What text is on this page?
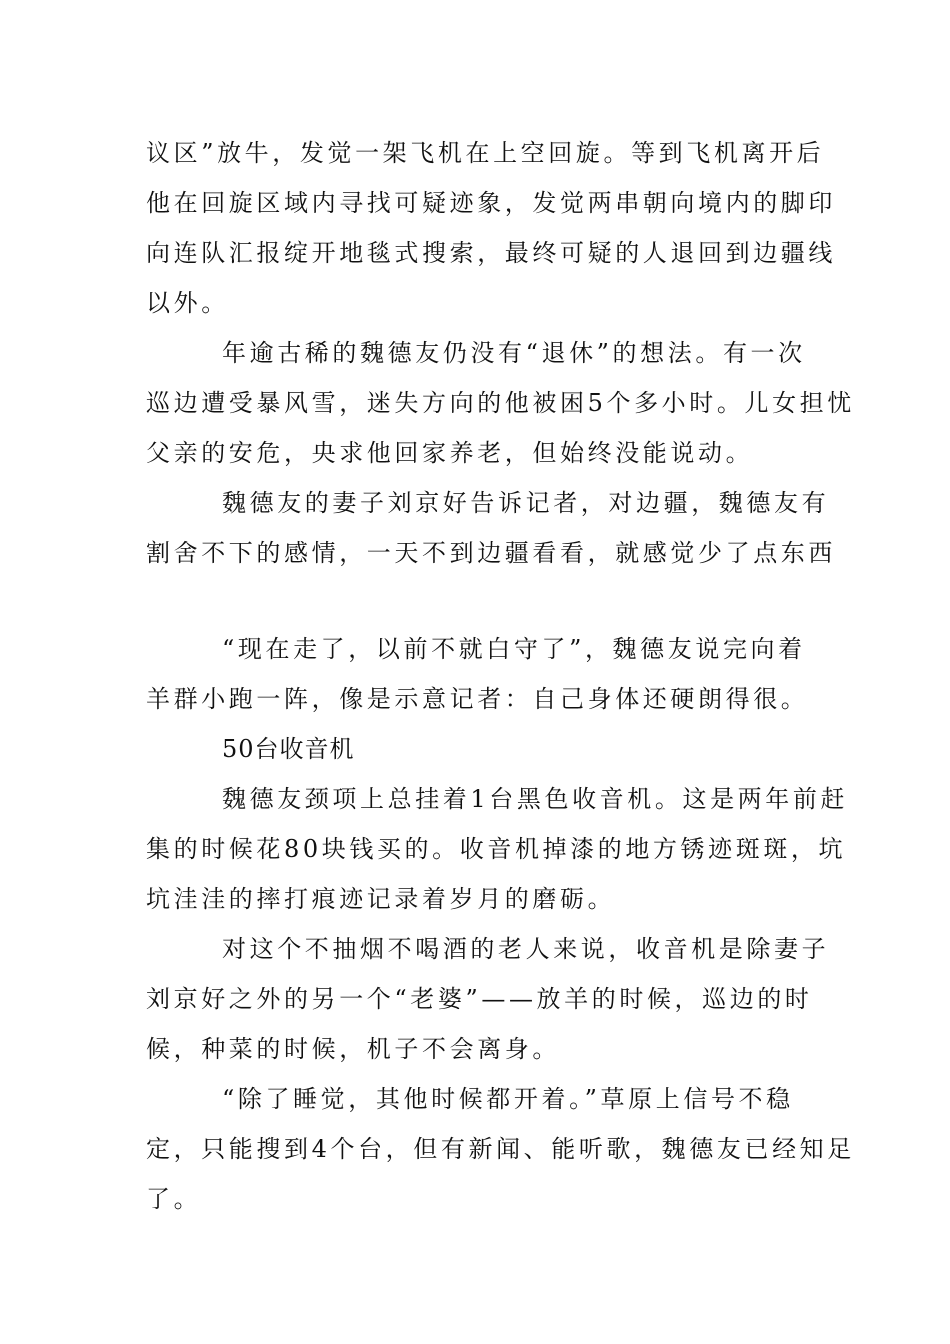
议区”放牛，发觉一架飞机在上空回旋。等到飞机离开后
他在回旋区域内寻找可疑迹象，发觉两串朝向境内的脚印
向连队汇报绽开地毯式搜索，最终可疑的人退回到边疆线
以外。
年逾古稀的魏德友仍没有“退休”的想法。有一次
巡边遭受暴风雪，迷失方向的他被困5个多小时。儿女担忧
父亲的安危，央求他回家养老，但始终没能说动。
魏德友的妻子刘京好告诉记者，对边疆，魏德友有
割舍不下的感情，一天不到边疆看看，就感觉少了点东西
“现在走了，以前不就白守了”，魏德友说完向着
羊群小跑一阵，像是示意记者：自己身体还硬朗得很。
50台收音机
魏德友颈项上总挂着1台黑色收音机。这是两年前赶
集的时候花80块钱买的。收音机掉漆的地方锈迹斑斑，坑
坑洼洼的摔打痕迹记录着岁月的磨砺。
对这个不抽烟不喝酒的老人来说，收音机是除妻子
刘京好之外的另一个“老婆”——放羊的时候，巡边的时
候，种菜的时候，机子不会离身。
“除了睡觉，其他时候都开着。”草原上信号不稳
定，只能搜到4个台，但有新闻、能听歌，魏德友已经知足
了。
